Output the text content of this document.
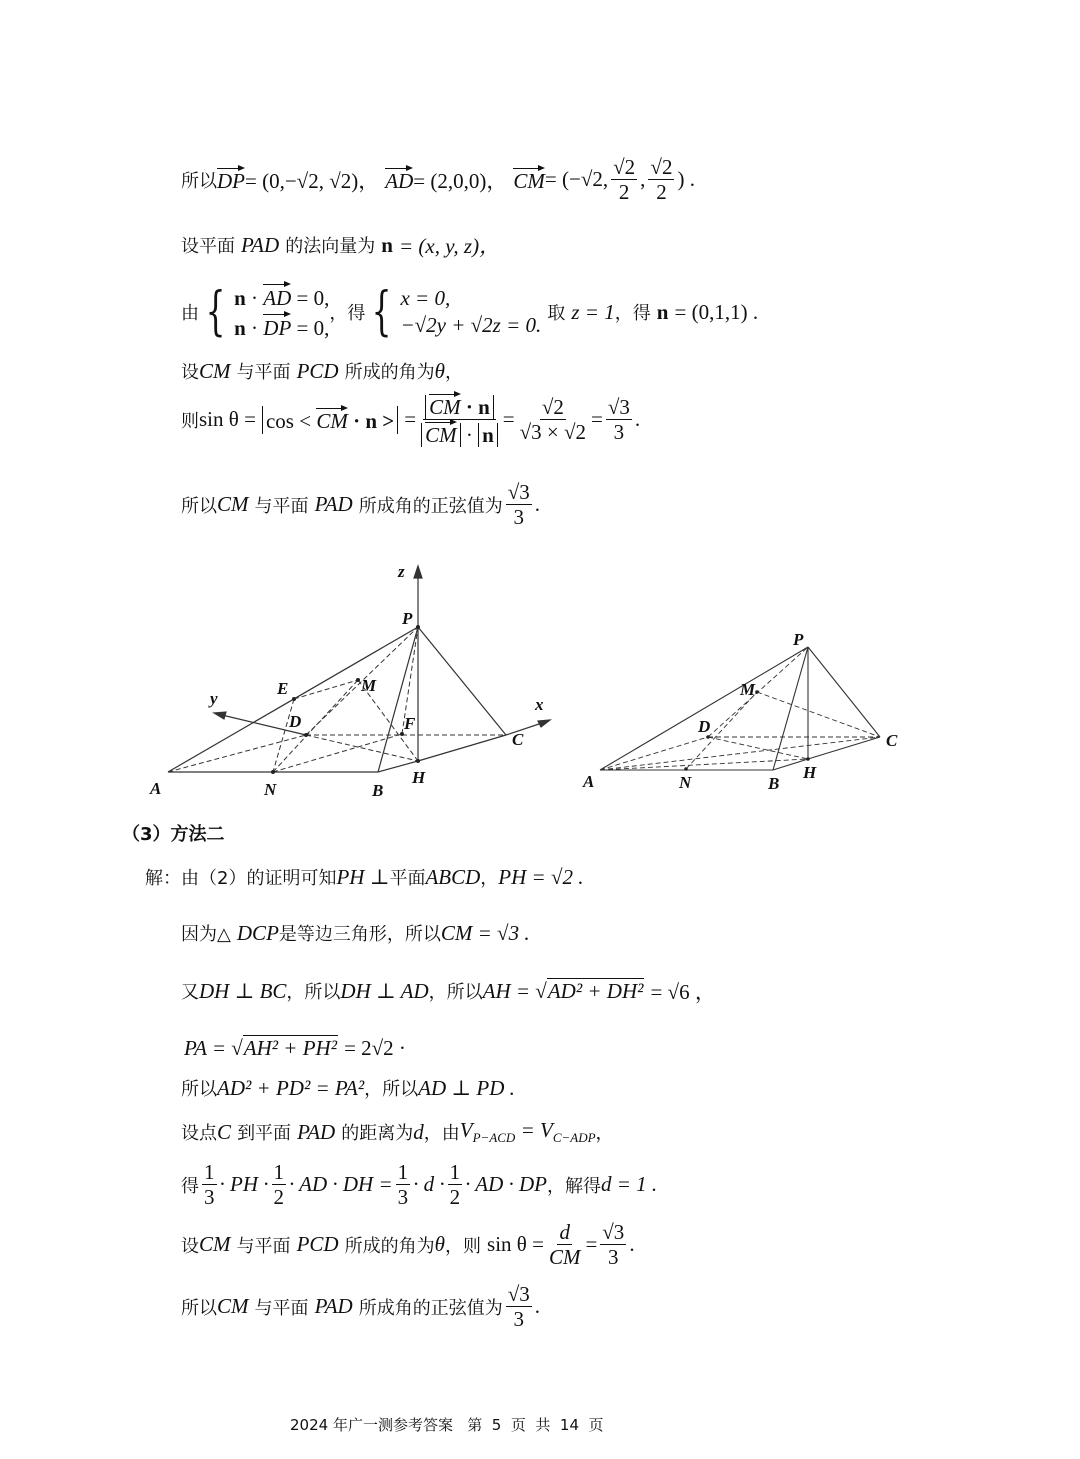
所以 DP = (0,−√2, √2)，
AD = (2,0,0)，
CM = (−√2, $\frac{√2}{2}$ , $\frac{√2}{2}$ ) .
设平面
PAD
的法向量为
n
= (x, y, z)，
由 { n · AD = 0,
n · DP = 0,
，得 { x = 0,
−√2y + √2z = 0.
取
z = 1 ，得
n
= (0,1,1) .
设 CM
与平面
PCD
所成的角为 θ ，
则 sin θ =
cos < CM · n >
= $\frac{CM \cdot n}{CM \cdot n} = \frac{√2}{√3 \times √2} = \frac{√3}{3}$ .
所以 CM
与平面
PAD
所成角的正弦值为 $\frac{√3}{3}$ .
z
P
E	M
y
D	F
x
C
A	N	B
H
P
M
D
C
A	N	B
H
（3）方法二
解：由（2）的证明可知 PH ⊥ 平面 ABCD ， PH = √2 .
因为△
DCP 是等边三角形，所以 CM = √3 .
又 DH ⊥ BC ，所以 DH ⊥ AD ，所以 AH = √ AD² + DH²
= √6 ，
PA = √ AH² + PH²
= 2√2 ·
所以 AD² + PD² = PA² ，所以 AD ⊥ PD .
设点 C
到平面
PAD
的距离为 d ，由 $V_{P-ACD} = V_{C-ADP}$ ，
得 $\frac{1}{3}$ · PH · $\frac{1}{2}$ · AD · DH = $\frac{1}{3} \cdot d \cdot \frac{1}{2}$ · AD · DP ，解得 d = 1 .
设 CM
与平面
PCD
所成的角为 θ ，则
$\sin \theta = \frac{d}{CM} = \frac{√3}{3}$ .
所以 CM
与平面
PAD
所成角的正弦值为 $\frac{√3}{3}$ .
2024 年广一测参考答案   第  5  页  共  14  页
